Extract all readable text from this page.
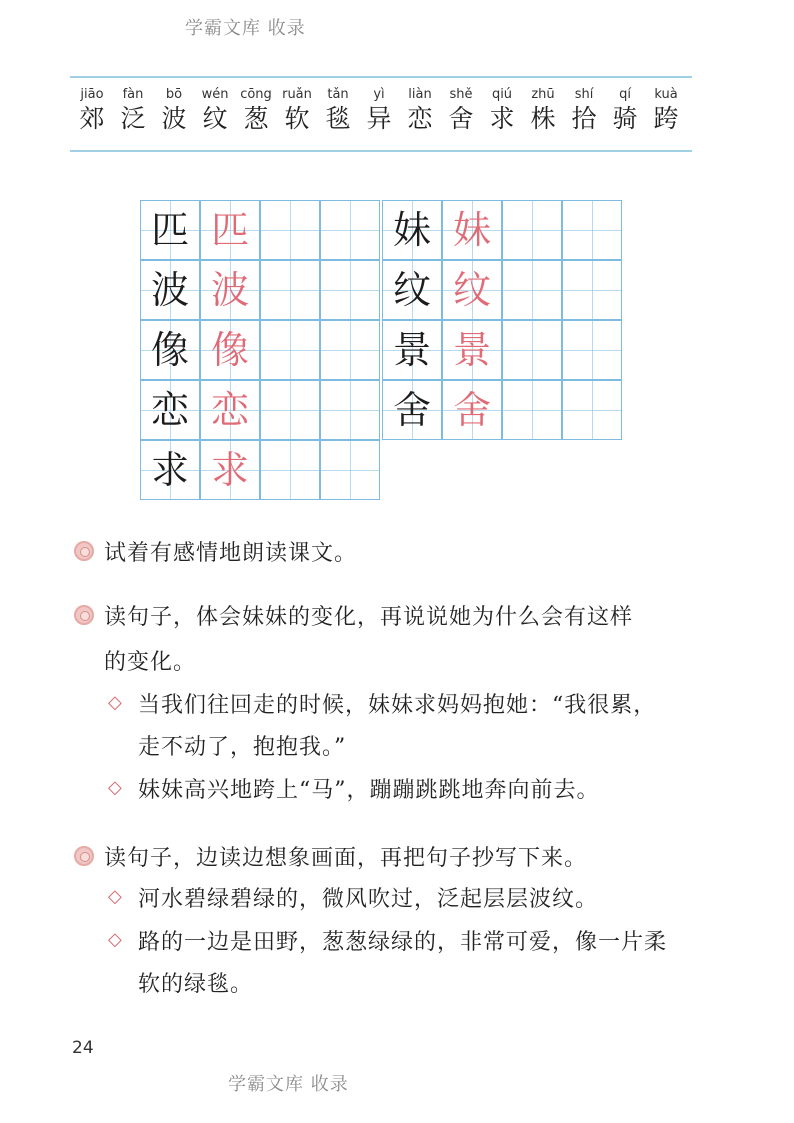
学霸文库 收录
jiāo
郊
fàn
泛
bō
波
wén
纹
cōng
葱
ruǎn
软
tǎn
毯
yì
异
liàn
恋
shě
舍
qiú
求
zhū
株
shí
拾
qí
骑
kuà
跨
匹 匹
波 波
像 像
恋 恋
求 求
妹 妹
纹 纹
景 景
舍 舍
试着有感情地朗读课文。
读句子，体会妹妹的变化，再说说她为什么会有这样
的变化。
◇ 当我们往回走的时候，妹妹求妈妈抱她：“我很累，
走不动了，抱抱我。”
◇ 妹妹高兴地跨上“马”，蹦蹦跳跳地奔向前去。
读句子，边读边想象画面，再把句子抄写下来。
◇ 河水碧绿碧绿的，微风吹过，泛起层层波纹。
◇ 路的一边是田野，葱葱绿绿的，非常可爱，像一片柔
软的绿毯。
24
学霸文库 收录
